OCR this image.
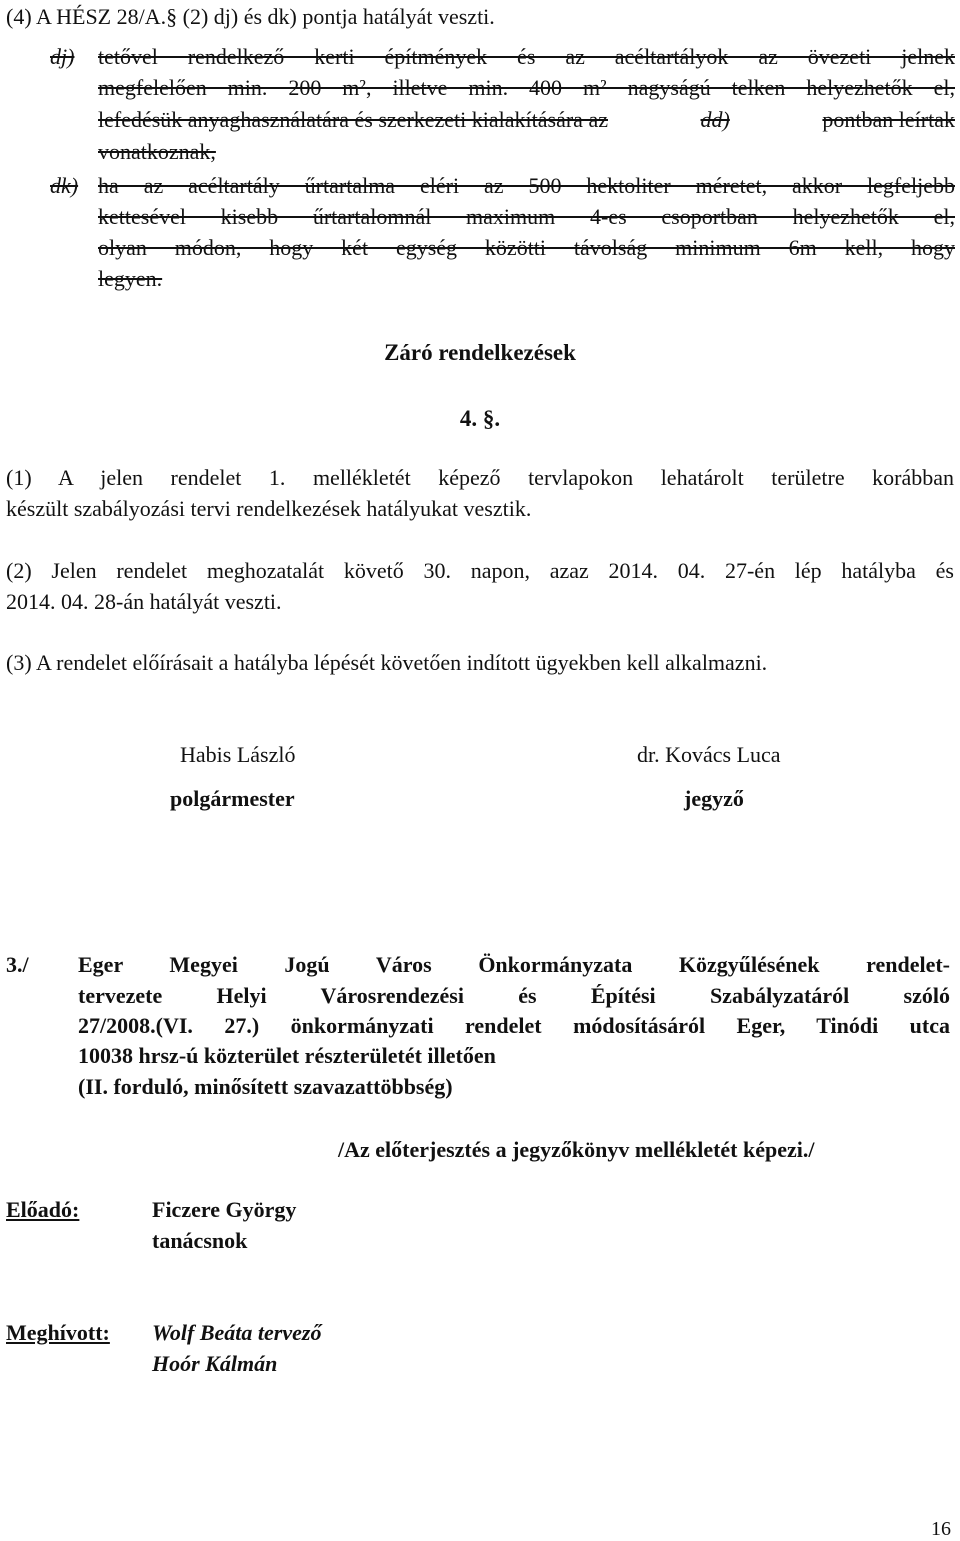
(4) A HÉSZ 28/A.§ (2) dj) és dk) pontja hatályát veszti.
dj) tetővel rendelkező kerti építmények és az acéltartályok az övezeti jelnek
megfelelően min. 200 m², illetve min. 400 m² nagyságú telken helyezhetők el,
lefedésük anyaghasználatára és szerkezeti kialakítására az	dd)	pontban leírtak
vonatkoznak,
dk) ha az acéltartály űrtartalma eléri az 500 hektoliter méretet, akkor legfeljebb
kettesével kisebb űrtartalomnál maximum 4-es csoportban helyezhetők el,
olyan módon, hogy két egység közötti távolság minimum 6m kell, hogy
legyen.
Záró rendelkezések
4. §.
(1) A jelen rendelet 1. mellékletét képező tervlapokon lehatárolt területre korábban
készült szabályozási tervi rendelkezések hatályukat vesztik.
(2) Jelen rendelet meghozatalát követő 30. napon, azaz 2014. 04. 27-én lép hatályba és
2014. 04. 28-án hatályát veszti.
(3) A rendelet előírásait a hatályba lépését követően indított ügyekben kell alkalmazni.
Habis László
polgármester
dr. Kovács Luca
jegyző
3./ Eger Megyei Jogú Város Önkormányzata Közgyűlésének rendelet-
tervezete Helyi Városrendezési és Építési Szabályzatáról szóló
27/2008.(VI. 27.) önkormányzati rendelet módosításáról Eger, Tinódi utca
10038 hrsz-ú közterület részterületét illetően
(II. forduló, minősített szavazattöbbség)
/Az előterjesztés a jegyzőkönyv mellékletét képezi./
Előadó:	Ficzere György
tanácsnok
Meghívott: Wolf Beáta tervező
Hoór Kálmán
16
